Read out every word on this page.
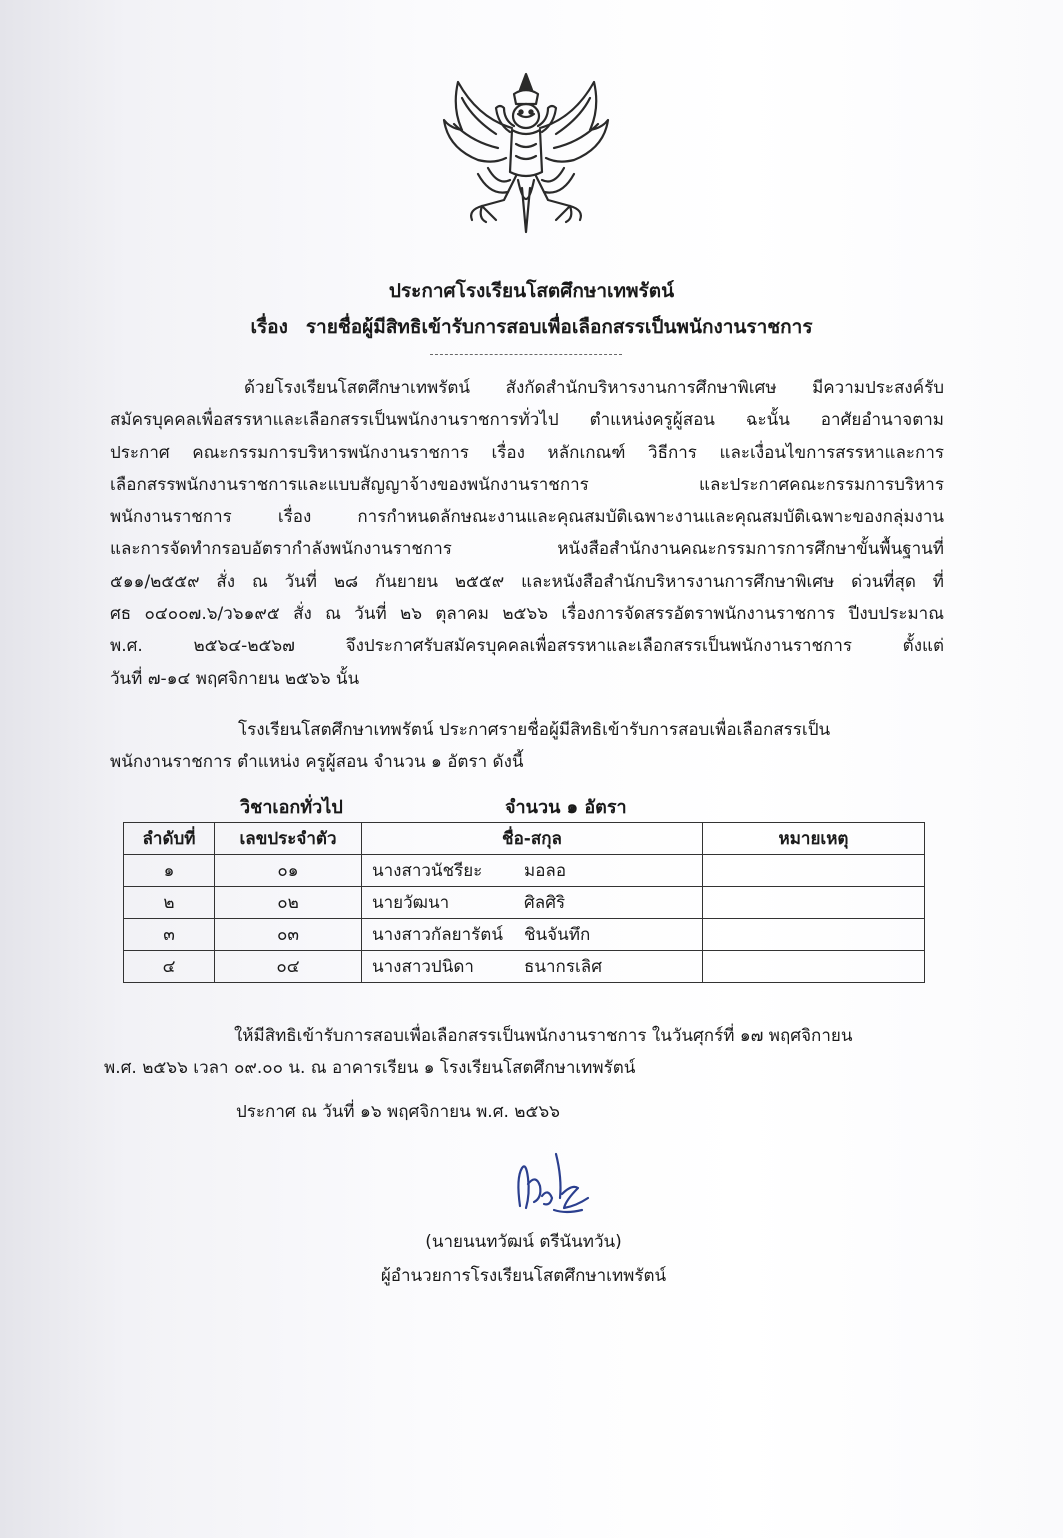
ประกาศโรงเรียนโสตศึกษาเทพรัตน์
เรื่อง รายชื่อผู้มีสิทธิเข้ารับการสอบเพื่อเลือกสรรเป็นพนักงานราชการ
ด้วยโรงเรียนโสตศึกษาเทพรัตน์ สังกัดสำนักบริหารงานการศึกษาพิเศษ มีความประสงค์รับ
สมัครบุคคลเพื่อสรรหาและเลือกสรรเป็นพนักงานราชการทั่วไป ตำแหน่งครูผู้สอน ฉะนั้น อาศัยอำนาจตาม
ประกาศ คณะกรรมการบริหารพนักงานราชการ เรื่อง หลักเกณฑ์ วิธีการ และเงื่อนไขการสรรหาและการ
เลือกสรรพนักงานราชการและแบบสัญญาจ้างของพนักงานราชการ และประกาศคณะกรรมการบริหาร
พนักงานราชการ เรื่อง การกำหนดลักษณะงานและคุณสมบัติเฉพาะงานและคุณสมบัติเฉพาะของกลุ่มงาน
และการจัดทำกรอบอัตรากำลังพนักงานราชการ หนังสือสำนักงานคณะกรรมการการศึกษาขั้นพื้นฐานที่
๕๑๑/๒๕๕๙ สั่ง ณ วันที่ ๒๘ กันยายน ๒๕๕๙ และหนังสือสำนักบริหารงานการศึกษาพิเศษ ด่วนที่สุด ที่
ศธ ๐๔๐๐๗.๖/ว๖๑๙๕ สั่ง ณ วันที่ ๒๖ ตุลาคม ๒๕๖๖ เรื่องการจัดสรรอัตราพนักงานราชการ ปีงบประมาณ
พ.ศ. ๒๕๖๔-๒๕๖๗ จึงประกาศรับสมัครบุคคลเพื่อสรรหาและเลือกสรรเป็นพนักงานราชการ ตั้งแต่
วันที่ ๗-๑๔ พฤศจิกายน ๒๕๖๖ นั้น
โรงเรียนโสตศึกษาเทพรัตน์ ประกาศรายชื่อผู้มีสิทธิเข้ารับการสอบเพื่อเลือกสรรเป็น
พนักงานราชการ ตำแหน่ง ครูผู้สอน จำนวน ๑ อัตรา ดังนี้
วิชาเอกทั่วไป	จำนวน ๑ อัตรา
ลำดับที่	เลขประจำตัว	ชื่อ-สกุล	หมายเหตุ
๑	๐๑	นางสาวนัชรียะ มอลอ	
๒	๐๒	นายวัฒนา ศิลศิริ	
๓	๐๓	นางสาวกัลยารัตน์ ชินจันทึก	
๔	๐๔	นางสาวปนิดา ธนากรเลิศ	
ให้มีสิทธิเข้ารับการสอบเพื่อเลือกสรรเป็นพนักงานราชการ ในวันศุกร์ที่ ๑๗ พฤศจิกายน
พ.ศ. ๒๕๖๖ เวลา ๐๙.๐๐ น. ณ อาคารเรียน ๑ โรงเรียนโสตศึกษาเทพรัตน์
ประกาศ ณ วันที่ ๑๖ พฤศจิกายน พ.ศ. ๒๕๖๖
(นายนนทวัฒน์ ตรีนันทวัน)
ผู้อำนวยการโรงเรียนโสตศึกษาเทพรัตน์
